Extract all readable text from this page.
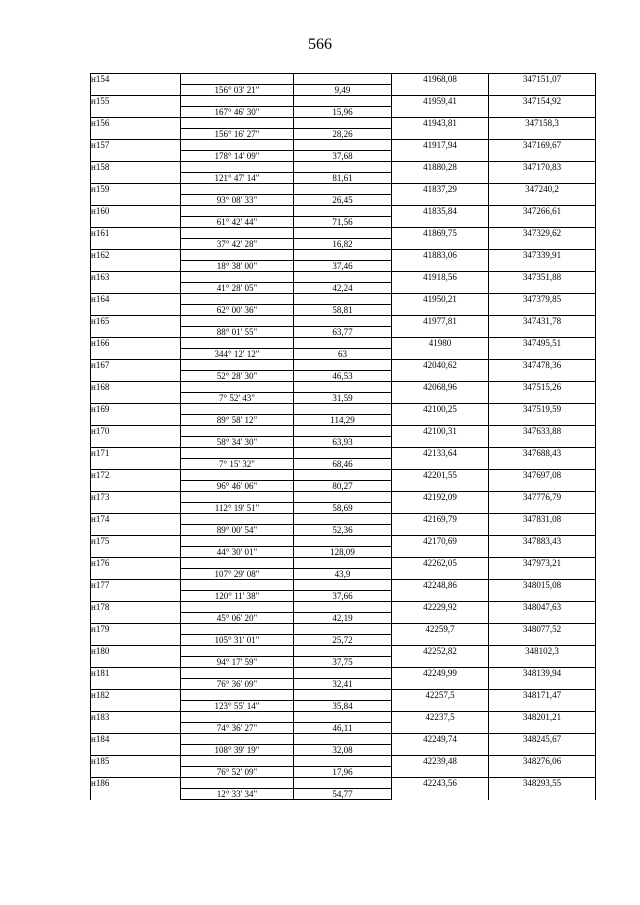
566
н154			41968,08	347151,07
	156° 03' 21"	9,49		
н155			41959,41	347154,92
	167° 46' 30"	15,96		
н156			41943,81	347158,3
	156° 16' 27"	28,26		
н157			41917,94	347169,67
	178° 14' 09"	37,68		
н158			41880,28	347170,83
	121° 47' 14"	81,61		
н159			41837,29	347240,2
	93° 08' 33"	26,45		
н160			41835,84	347266,61
	61° 42' 44"	71,56		
н161			41869,75	347329,62
	37° 42' 28"	16,82		
н162			41883,06	347339,91
	18° 38' 00"	37,46		
н163			41918,56	347351,88
	41° 28' 05"	42,24		
н164			41950,21	347379,85
	62° 00' 36"	58,81		
н165			41977,81	347431,78
	88° 01' 55"	63,77		
н166			41980	347495,51
	344° 12' 12"	63		
н167			42040,62	347478,36
	52° 28' 30"	46,53		
н168			42068,96	347515,26
	7° 52' 43"	31,59		
н169			42100,25	347519,59
	89° 58' 12"	114,29		
н170			42100,31	347633,88
	58° 34' 30"	63,93		
н171			42133,64	347688,43
	7° 15' 32"	68,46		
н172			42201,55	347697,08
	96° 46' 06"	80,27		
н173			42192,09	347776,79
	112° 19' 51"	58,69		
н174			42169,79	347831,08
	89° 00' 54"	52,36		
н175			42170,69	347883,43
	44° 30' 01"	128,09		
н176			42262,05	347973,21
	107° 29' 08"	43,9		
н177			42248,86	348015,08
	120° 11' 38"	37,66		
н178			42229,92	348047,63
	45° 06' 20"	42,19		
н179			42259,7	348077,52
	105° 31' 01"	25,72		
н180			42252,82	348102,3
	94° 17' 59"	37,75		
н181			42249,99	348139,94
	76° 36' 09"	32,41		
н182			42257,5	348171,47
	123° 55' 14"	35,84		
н183			42237,5	348201,21
	74° 36' 27"	46,11		
н184			42249,74	348245,67
	108° 39' 19"	32,08		
н185			42239,48	348276,06
	76° 52' 09"	17,96		
н186			42243,56	348293,55
	12° 33' 34"	54,77		
